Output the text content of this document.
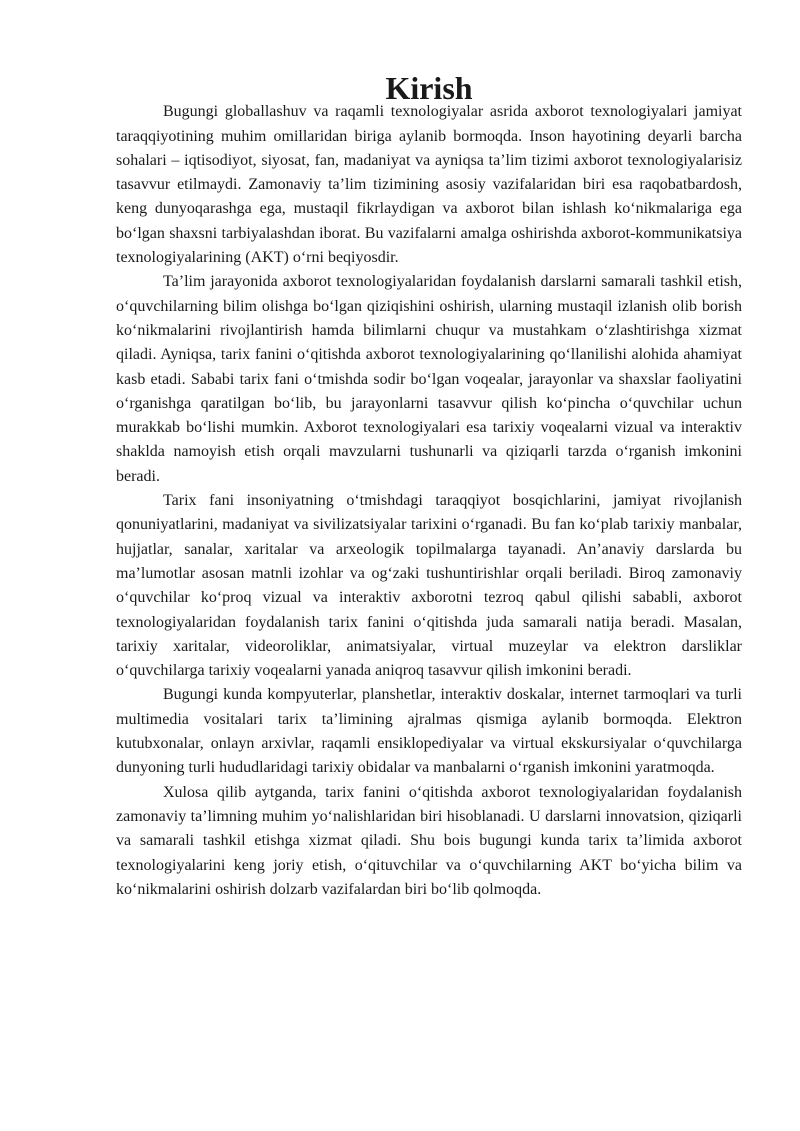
Kirish

Bugungi globallashuv va raqamli texnologiyalar asrida axborot texnologiyalari jamiyat taraqqiyotining muhim omillaridan biriga aylanib bormoqda. Inson hayotining deyarli barcha sohalari – iqtisodiyot, siyosat, fan, madaniyat va ayniqsa ta’lim tizimi axborot texnologiyalarisiz tasavvur etilmaydi. Zamonaviy ta’lim tizimining asosiy vazifalaridan biri esa raqobatbardosh, keng dunyoqarashga ega, mustaqil fikrlaydigan va axborot bilan ishlash ko‘nikmalariga ega bo‘lgan shaxsni tarbiyalashdan iborat. Bu vazifalarni amalga oshirishda axborot-kommunikatsiya texnologiyalarining (AKT) o‘rni beqiyosdir.

Ta’lim jarayonida axborot texnologiyalaridan foydalanish darslarni samarali tashkil etish, o‘quvchilarning bilim olishga bo‘lgan qiziqishini oshirish, ularning mustaqil izlanish olib borish ko‘nikmalarini rivojlantirish hamda bilimlarni chuqur va mustahkam o‘zlashtirishga xizmat qiladi. Ayniqsa, tarix fanini o‘qitishda axborot texnologiyalarining qo‘llanilishi alohida ahamiyat kasb etadi. Sababi tarix fani o‘tmishda sodir bo‘lgan voqealar, jarayonlar va shaxslar faoliyatini o‘rganishga qaratilgan bo‘lib, bu jarayonlarni tasavvur qilish ko‘pincha o‘quvchilar uchun murakkab bo‘lishi mumkin. Axborot texnologiyalari esa tarixiy voqealarni vizual va interaktiv shaklda namoyish etish orqali mavzularni tushunarli va qiziqarli tarzda o‘rganish imkonini beradi.

Tarix fani insoniyatning o‘tmishdagi taraqqiyot bosqichlarini, jamiyat rivojlanish qonuniyatlarini, madaniyat va sivilizatsiyalar tarixini o‘rganadi. Bu fan ko‘plab tarixiy manbalar, hujjatlar, sanalar, xaritalar va arxeologik topilmalarga tayanadi. An’anaviy darslarda bu ma’lumotlar asosan matnli izohlar va og‘zaki tushuntirishlar orqali beriladi. Biroq zamonaviy o‘quvchilar ko‘proq vizual va interaktiv axborotni tezroq qabul qilishi sababli, axborot texnologiyalaridan foydalanish tarix fanini o‘qitishda juda samarali natija beradi. Masalan, tarixiy xaritalar, videoroliklar, animatsiyalar, virtual muzeylar va elektron darsliklar o‘quvchilarga tarixiy voqealarni yanada aniqroq tasavvur qilish imkonini beradi.

Bugungi kunda kompyuterlar, planshetlar, interaktiv doskalar, internet tarmoqlari va turli multimedia vositalari tarix ta’limining ajralmas qismiga aylanib bormoqda. Elektron kutubxonalar, onlayn arxivlar, raqamli ensiklopediyalar va virtual ekskursiyalar o‘quvchilarga dunyoning turli hududlaridagi tarixiy obidalar va manbalarni o‘rganish imkonini yaratmoqda.

Xulosa qilib aytganda, tarix fanini o‘qitishda axborot texnologiyalaridan foydalanish zamonaviy ta’limning muhim yo‘nalishlaridan biri hisoblanadi. U darslarni innovatsion, qiziqarli va samarali tashkil etishga xizmat qiladi. Shu bois bugungi kunda tarix ta’limida axborot texnologiyalarini keng joriy etish, o‘qituvchilar va o‘quvchilarning AKT bo‘yicha bilim va ko‘nikmalarini oshirish dolzarb vazifalardan biri bo‘lib qolmoqda.
